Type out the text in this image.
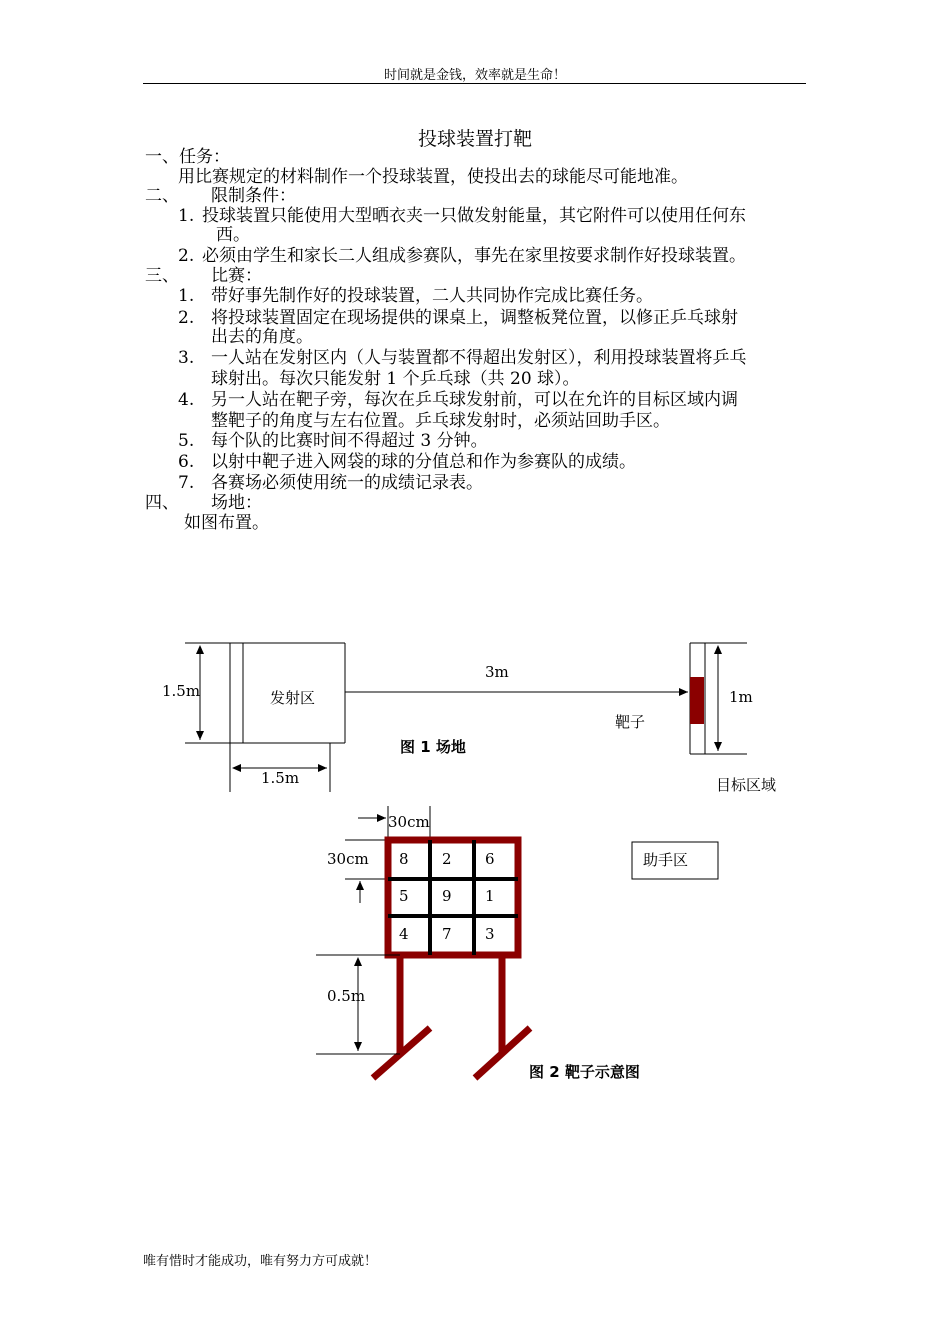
时间就是金钱，效率就是生命！
投球装置打靶
一、任务：
用比赛规定的材料制作一个投球装置，使投出去的球能尽可能地准。
二、 限制条件：
1. 投球装置只能使用大型晒衣夹一只做发射能量，其它附件可以使用任何东
西。
2. 必须由学生和家长二人组成参赛队，事先在家里按要求制作好投球装置。
三、 比赛：
1. 带好事先制作好的投球装置，二人共同协作完成比赛任务。
2. 将投球装置固定在现场提供的课桌上，调整板凳位置，以修正乒乓球射
出去的角度。
3. 一人站在发射区内（人与装置都不得超出发射区），利用投球装置将乒乓
球射出。每次只能发射 1 个乒乓球（共 20 球）。
4. 另一人站在靶子旁，每次在乒乓球发射前，可以在允许的目标区域内调
整靶子的角度与左右位置。乒乓球发射时，必须站回助手区。
5. 每个队的比赛时间不得超过 3 分钟。
6. 以射中靶子进入网袋的球的分值总和作为参赛队的成绩。
7. 各赛场必须使用统一的成绩记录表。
四、 场地：
如图布置。
1.5m
1.5m
发射区
3m
1m
靶子
图 1 场地
目标区域
30cm
30cm 8 2 6
5 9 1
4 7 3
0.5m
助手区
图 2 靶子示意图
唯有惜时才能成功，唯有努力方可成就！
